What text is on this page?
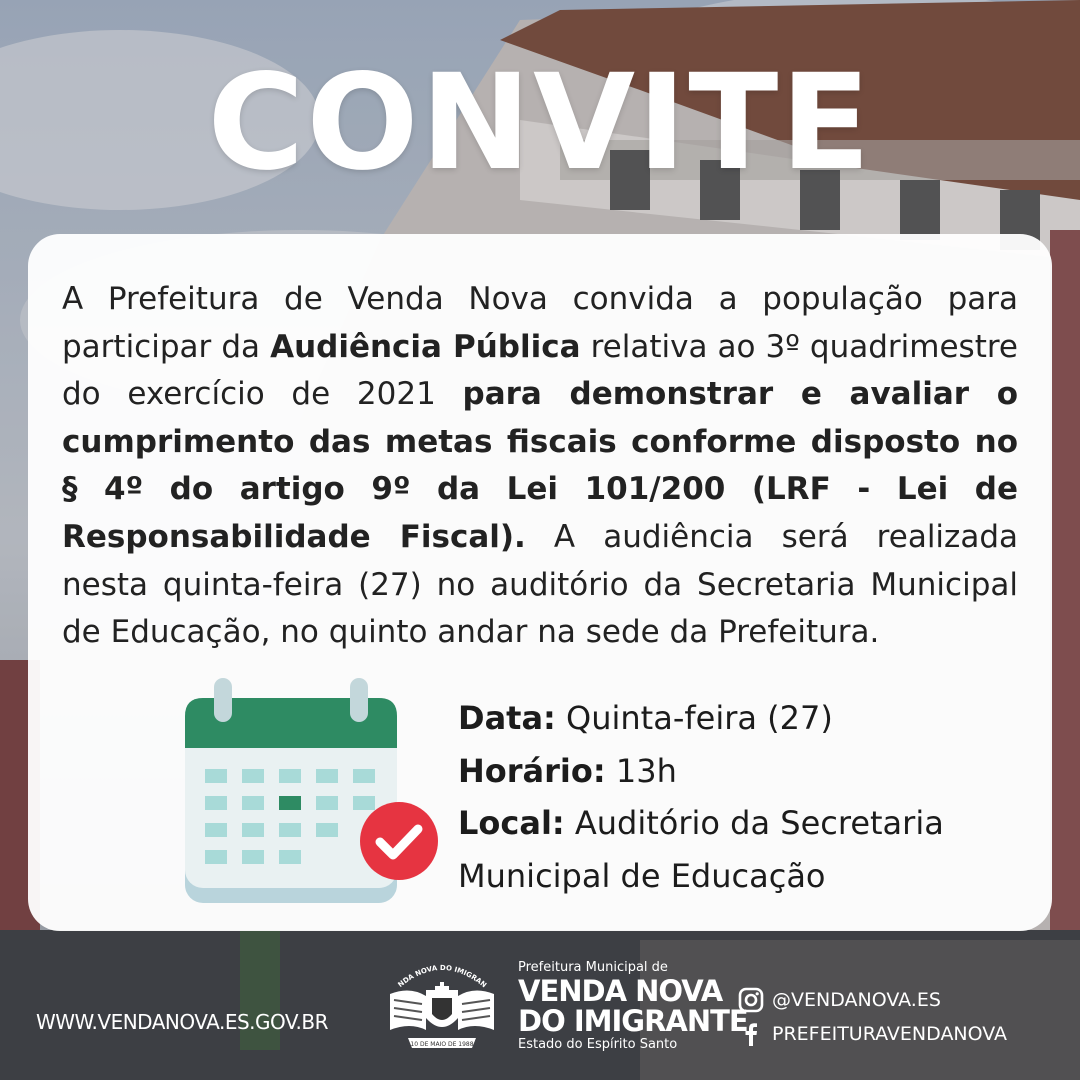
CONVITE
A Prefeitura de Venda Nova convida a população para participar da Audiência Pública relativa ao 3º quadrimestre do exercício de 2021 para demonstrar e avaliar o cumprimento das metas fiscais conforme disposto no § 4º do artigo 9º da Lei 101/200 (LRF - Lei de Responsabilidade Fiscal). A audiência será realizada nesta quinta-feira (27) no auditório da Secretaria Municipal de Educação, no quinto andar na sede da Prefeitura.
Data: Quinta-feira (27)
Horário: 13h
Local: Auditório da Secretaria
Municipal de Educação
WWW.VENDANOVA.ES.GOV.BR
NDA NOVA DO IMIGRAN
10 DE MAIO DE 1988
Prefeitura Municipal de
VENDA NOVA
DO IMIGRANTE
Estado do Espírito Santo
@VENDANOVA.ES
PREFEITURAVENDANOVA
